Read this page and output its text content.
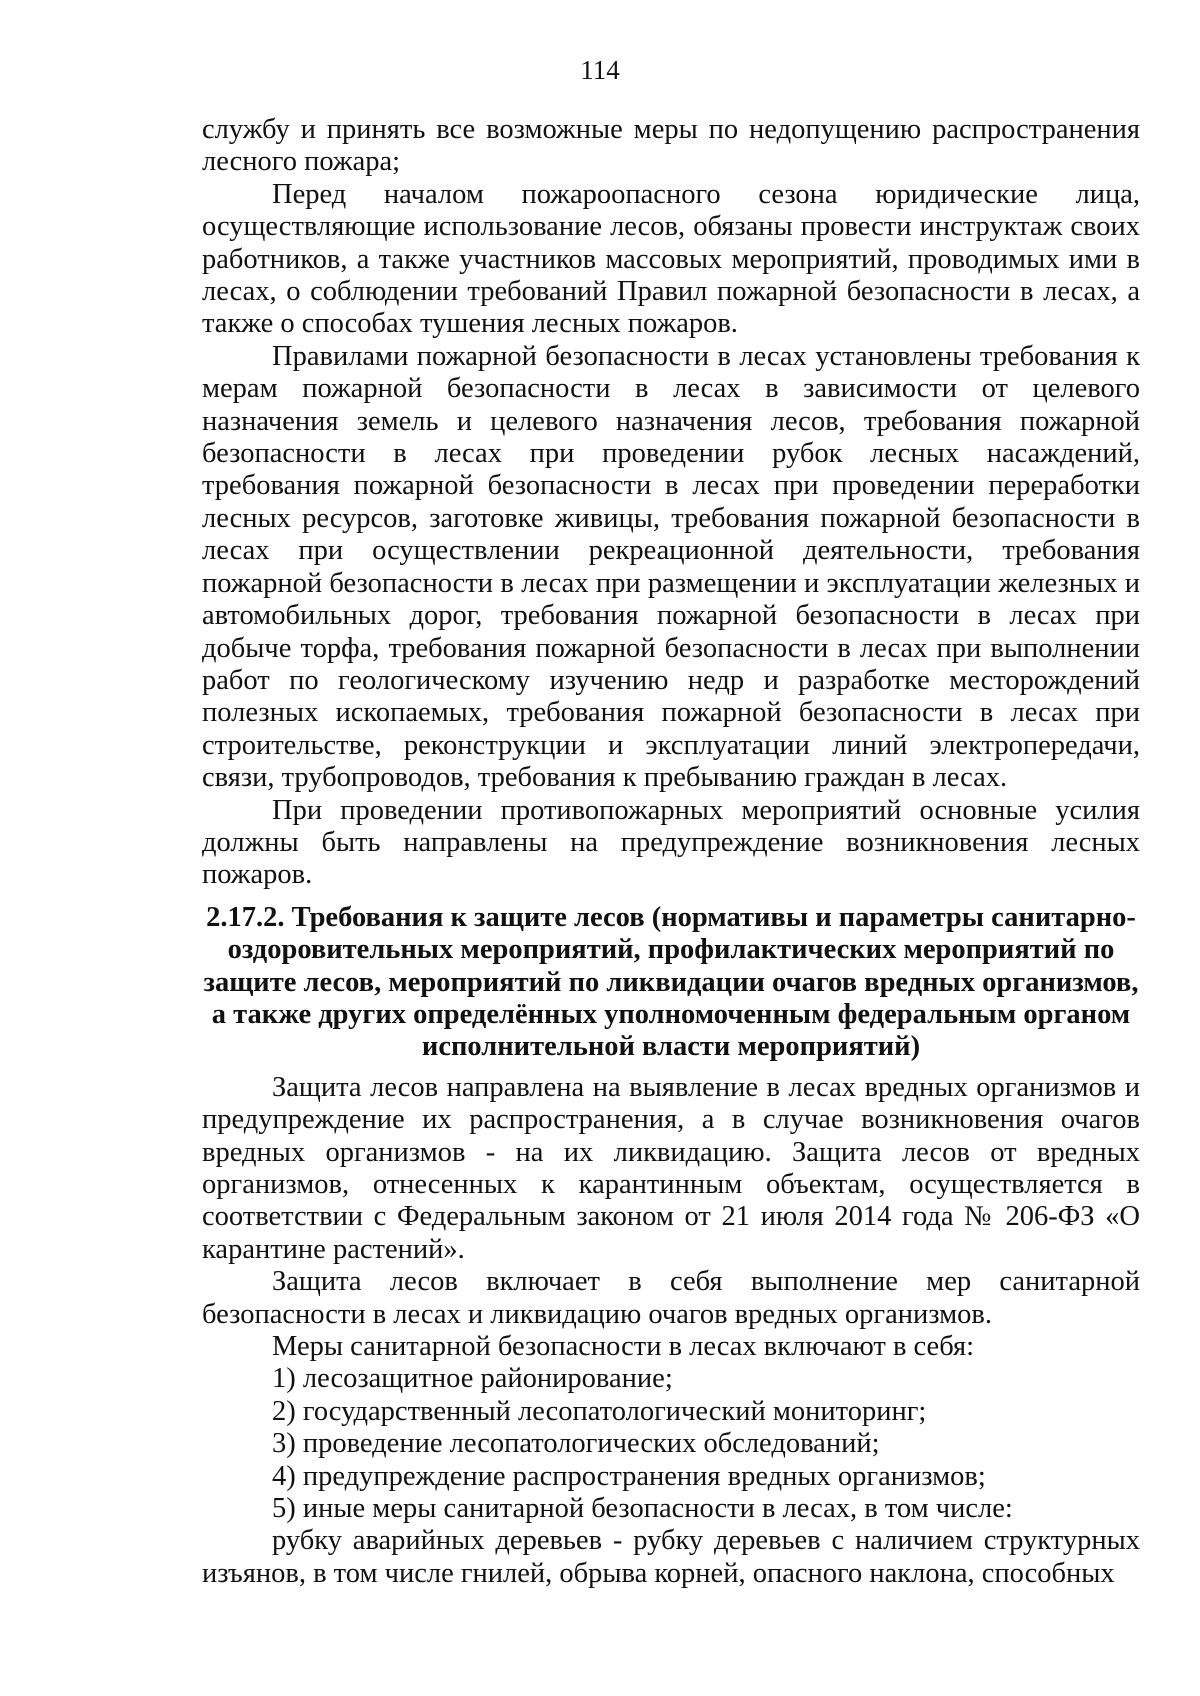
114

службу и принять все возможные меры по недопущению распространения лесного пожара;

Перед началом пожароопасного сезона юридические лица, осуществляющие использование лесов, обязаны провести инструктаж своих работников, а также участников массовых мероприятий, проводимых ими в лесах, о соблюдении требований Правил пожарной безопасности в лесах, а также о способах тушения лесных пожаров.

Правилами пожарной безопасности в лесах установлены требования к мерам пожарной безопасности в лесах в зависимости от целевого назначения земель и целевого назначения лесов, требования пожарной безопасности в лесах при проведении рубок лесных насаждений, требования пожарной безопасности в лесах при проведении переработки лесных ресурсов, заготовке живицы, требования пожарной безопасности в лесах при осуществлении рекреационной деятельности, требования пожарной безопасности в лесах при размещении и эксплуатации железных и автомобильных дорог, требования пожарной безопасности в лесах при добыче торфа, требования пожарной безопасности в лесах при выполнении работ по геологическому изучению недр и разработке месторождений полезных ископаемых, требования пожарной безопасности в лесах при строительстве, реконструкции и эксплуатации линий электропередачи, связи, трубопроводов, требования к пребыванию граждан в лесах.

При проведении противопожарных мероприятий основные усилия должны быть направлены на предупреждение возникновения лесных пожаров.

2.17.2. Требования к защите лесов (нормативы и параметры санитарно-оздоровительных мероприятий, профилактических мероприятий по защите лесов, мероприятий по ликвидации очагов вредных организмов, а также других определённых уполномоченным федеральным органом исполнительной власти мероприятий)

Защита лесов направлена на выявление в лесах вредных организмов и предупреждение их распространения, а в случае возникновения очагов вредных организмов - на их ликвидацию. Защита лесов от вредных организмов, отнесенных к карантинным объектам, осуществляется в соответствии с Федеральным законом от 21 июля 2014 года № 206-ФЗ «О карантине растений».

Защита лесов включает в себя выполнение мер санитарной безопасности в лесах и ликвидацию очагов вредных организмов.

Меры санитарной безопасности в лесах включают в себя:

1) лесозащитное районирование;

2) государственный лесопатологический мониторинг;

3) проведение лесопатологических обследований;

4) предупреждение распространения вредных организмов;

5) иные меры санитарной безопасности в лесах, в том числе:

рубку аварийных деревьев - рубку деревьев с наличием структурных изъянов, в том числе гнилей, обрыва корней, опасного наклона, способных
